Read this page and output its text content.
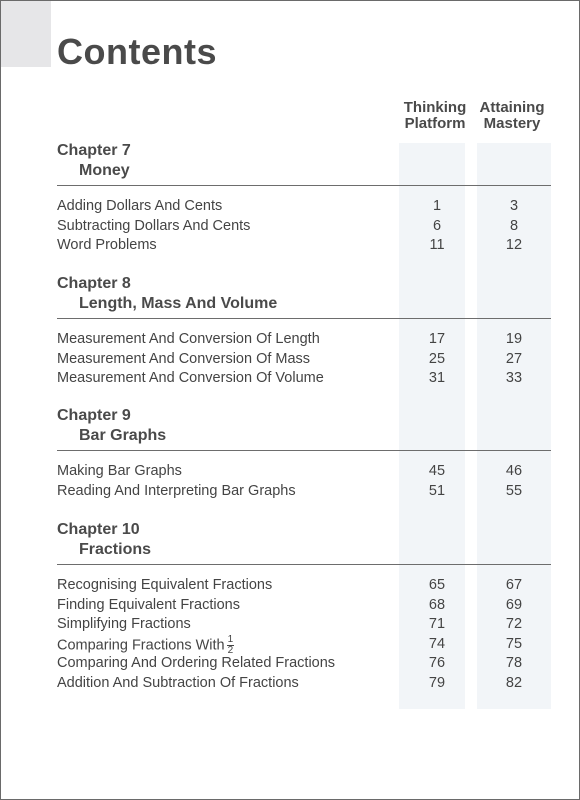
Contents
Thinking
Platform
Attaining
Mastery
Chapter 7
Money
Adding Dollars And Cents	1	3
Subtracting Dollars And Cents	6	8
Word Problems	11	12
Chapter 8
Length, Mass And Volume
Measurement And Conversion Of Length	17	19
Measurement And Conversion Of Mass	25	27
Measurement And Conversion Of Volume	31	33
Chapter 9
Bar Graphs
Making Bar Graphs	45	46
Reading And Interpreting Bar Graphs	51	55
Chapter 10
Fractions
Recognising Equivalent Fractions	65	67
Finding Equivalent Fractions	68	69
Simplifying Fractions	71	72
Comparing Fractions With $\frac{1}{2}$	74	75
Comparing And Ordering Related Fractions	76	78
Addition And Subtraction Of Fractions	79	82
